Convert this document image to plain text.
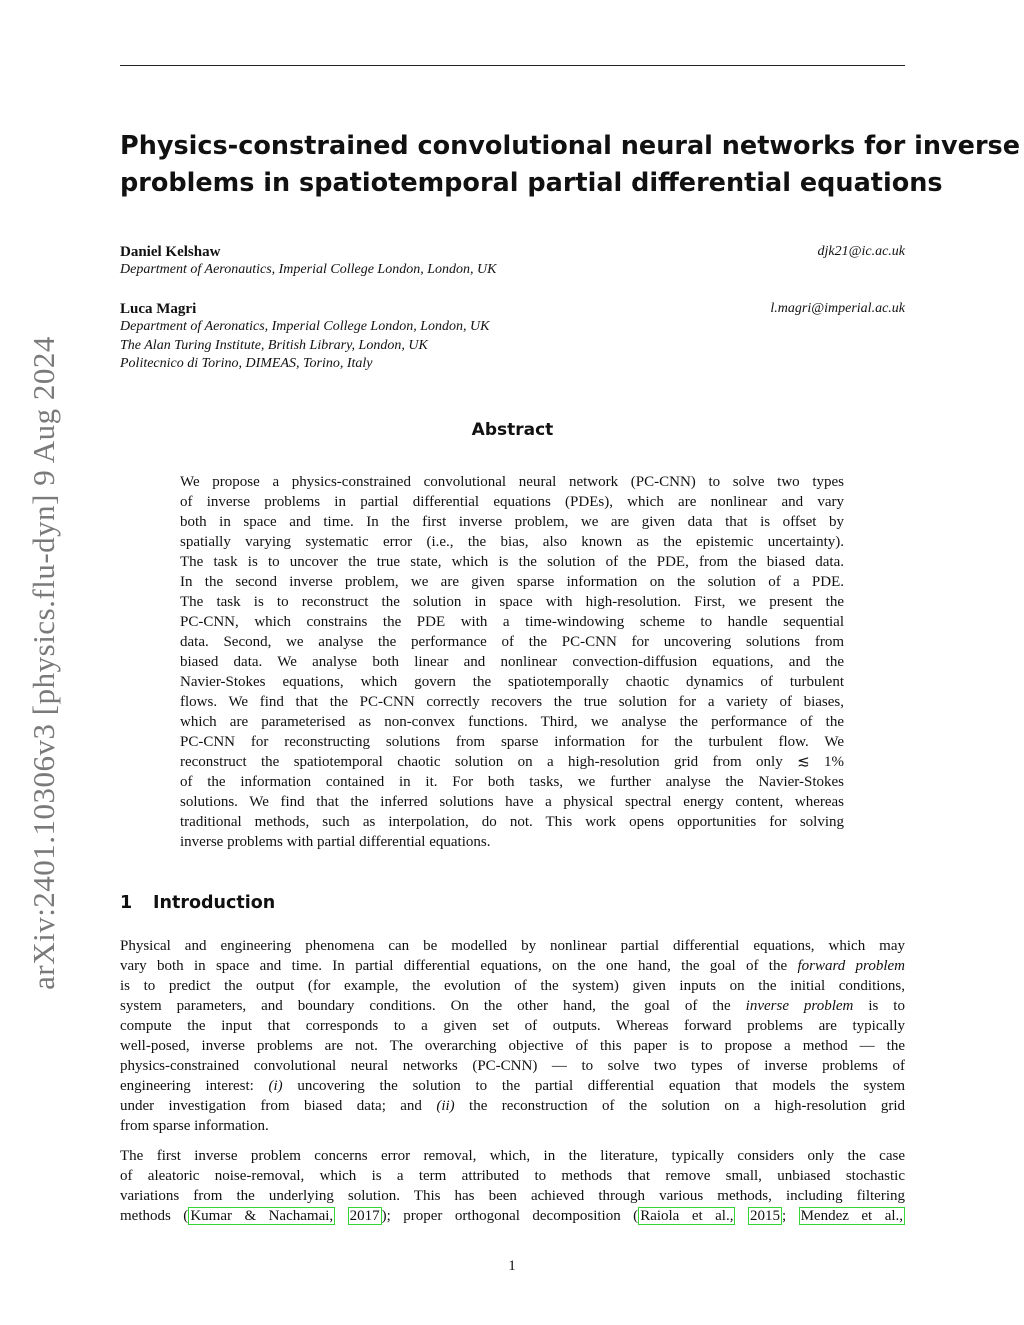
arXiv:2401.10306v3 [physics.flu-dyn] 9 Aug 2024
Physics-constrained convolutional neural networks for inverse
problems in spatiotemporal partial differential equations
Daniel Kelshaw	djk21@ic.ac.uk
Department of Aeronautics, Imperial College London, London, UK
Luca Magri	l.magri@imperial.ac.uk
Department of Aeronatics, Imperial College London, London, UK
The Alan Turing Institute, British Library, London, UK
Politecnico di Torino, DIMEAS, Torino, Italy
Abstract
We propose a physics-constrained convolutional neural network (PC-CNN) to solve two types
of inverse problems in partial differential equations (PDEs), which are nonlinear and vary
both in space and time. In the first inverse problem, we are given data that is offset by
spatially varying systematic error (i.e., the bias, also known as the epistemic uncertainty).
The task is to uncover the true state, which is the solution of the PDE, from the biased data.
In the second inverse problem, we are given sparse information on the solution of a PDE.
The task is to reconstruct the solution in space with high-resolution. First, we present the
PC-CNN, which constrains the PDE with a time-windowing scheme to handle sequential
data. Second, we analyse the performance of the PC-CNN for uncovering solutions from
biased data. We analyse both linear and nonlinear convection-diffusion equations, and the
Navier-Stokes equations, which govern the spatiotemporally chaotic dynamics of turbulent
flows. We find that the PC-CNN correctly recovers the true solution for a variety of biases,
which are parameterised as non-convex functions. Third, we analyse the performance of the
PC-CNN for reconstructing solutions from sparse information for the turbulent flow. We
reconstruct the spatiotemporal chaotic solution on a high-resolution grid from only ≲ 1%
of the information contained in it. For both tasks, we further analyse the Navier-Stokes
solutions. We find that the inferred solutions have a physical spectral energy content, whereas
traditional methods, such as interpolation, do not. This work opens opportunities for solving
inverse problems with partial differential equations.
1 Introduction
Physical and engineering phenomena can be modelled by nonlinear partial differential equations, which may
vary both in space and time. In partial differential equations, on the one hand, the goal of the forward problem
is to predict the output (for example, the evolution of the system) given inputs on the initial conditions,
system parameters, and boundary conditions. On the other hand, the goal of the inverse problem is to
compute the input that corresponds to a given set of outputs. Whereas forward problems are typically
well-posed, inverse problems are not. The overarching objective of this paper is to propose a method — the
physics-constrained convolutional neural networks (PC-CNN) — to solve two types of inverse problems of
engineering interest: (i) uncovering the solution to the partial differential equation that models the system
under investigation from biased data; and (ii) the reconstruction of the solution on a high-resolution grid
from sparse information.
The first inverse problem concerns error removal, which, in the literature, typically considers only the case
of aleatoric noise-removal, which is a term attributed to methods that remove small, unbiased stochastic
variations from the underlying solution. This has been achieved through various methods, including filtering
methods ( Kumar & Nachamai, 2017 ); proper orthogonal decomposition ( Raiola et al., 2015 ; Mendez et al.,
1
